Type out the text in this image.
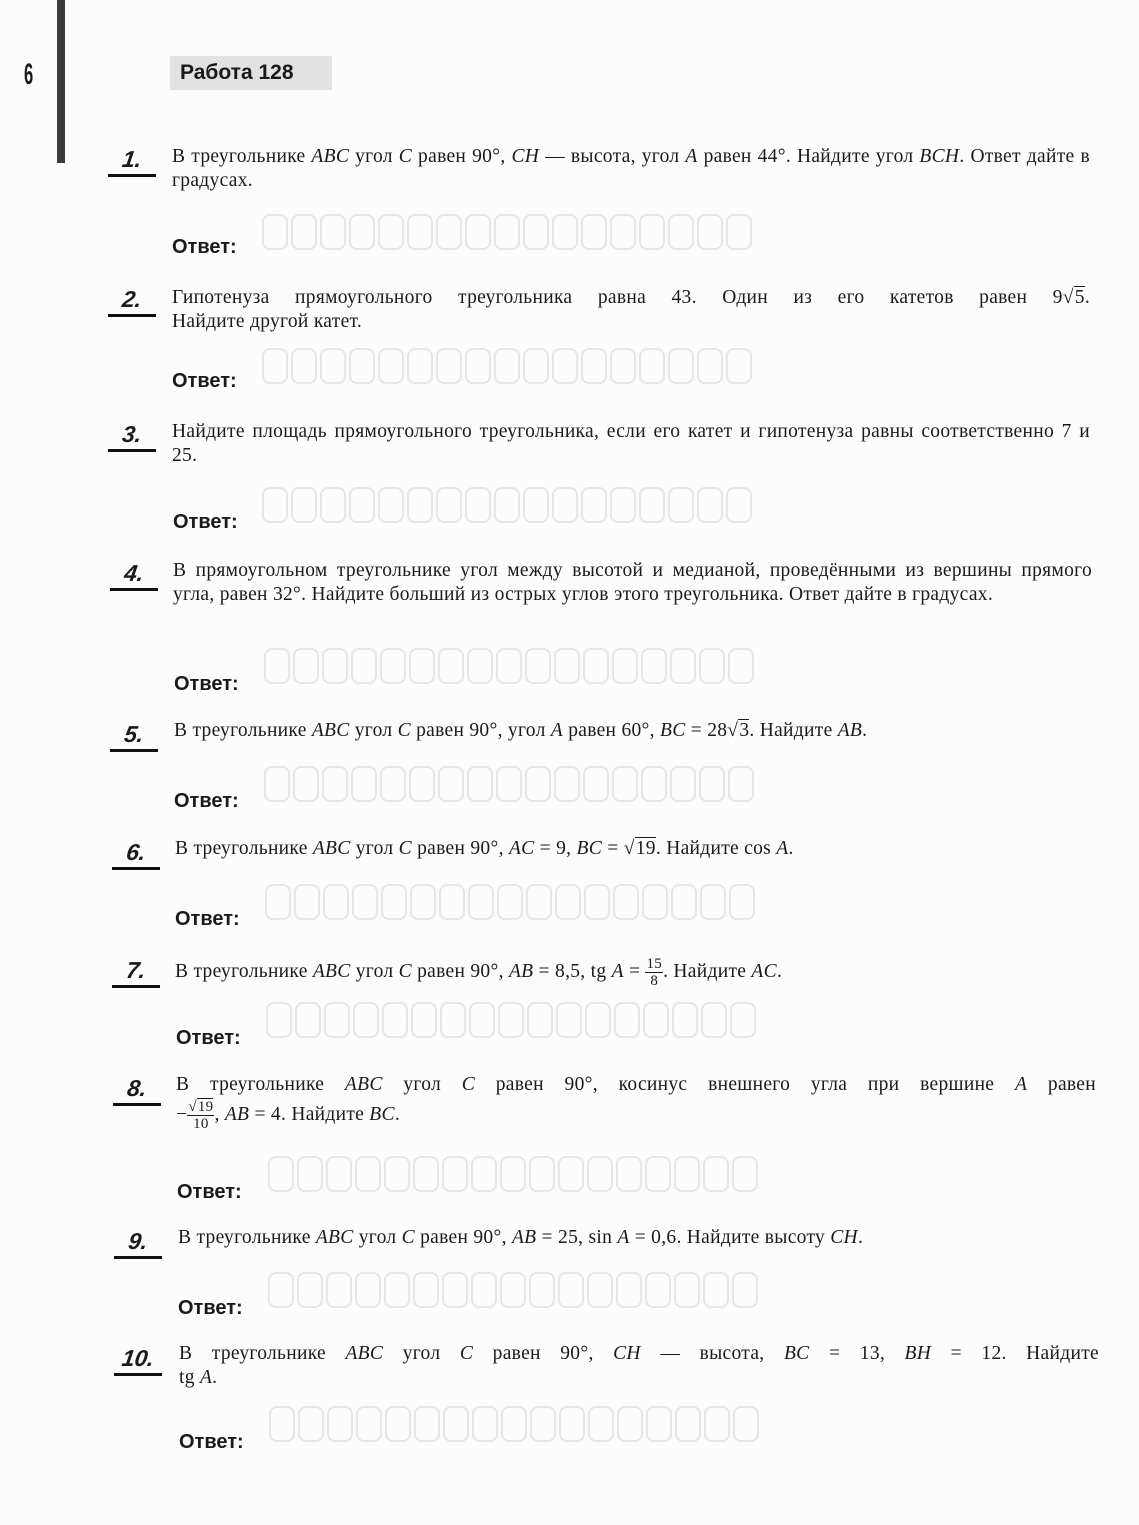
6	Работа 128
1.	В треугольнике ABC угол C равен 90°, CH — высота, угол A равен 44°. Найдите угол BCH. Ответ дайте в градусах.
Ответ:
2.	Гипотенуза прямоугольного треугольника равна 43. Один из его катетов равен 9√5.
Найдите другой катет.
Ответ:
3.	Найдите площадь прямоугольного треугольника, если его катет и гипотенуза равны соответственно 7 и 25.
Ответ:
4.	В прямоугольном треугольнике угол между высотой и медианой, проведёнными из вершины прямого угла, равен 32°. Найдите больший из острых углов этого треугольника. Ответ дайте в градусах.
Ответ:
5.	В треугольнике ABC угол C равен 90°, угол A равен 60°, BC = 28√3. Найдите AB.
Ответ:
6.	В треугольнике ABC угол C равен 90°, AC = 9, BC = √19. Найдите cos A.
Ответ:
7.	В треугольнике ABC угол C равен 90°, AB = 8,5, tg $A = \frac{15}{8}$ . Найдите AC.
Ответ:
8.	В треугольнике ABC угол C равен 90°, косинус внешнего угла при вершине A равен
− $\frac{√19}{10}$ , AB = 4. Найдите BC.
Ответ:
9.	В треугольнике ABC угол C равен 90°, AB = 25, sin A = 0,6. Найдите высоту CH.
Ответ:
10.	В треугольнике ABC угол C равен 90°, CH — высота, BC = 13, BH = 12. Найдите
tg A.
Ответ:
